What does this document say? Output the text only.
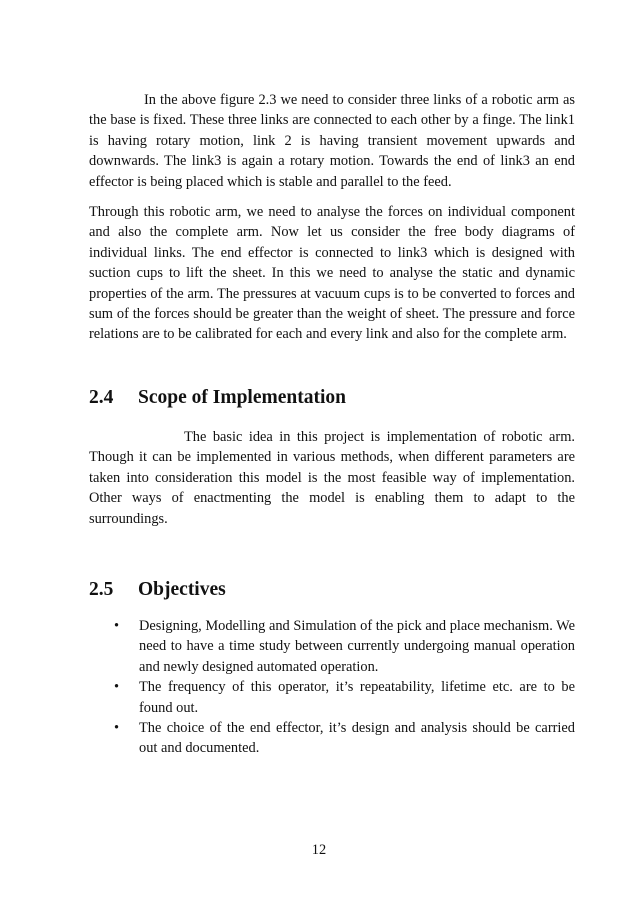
In the above figure 2.3 we need to consider three links of a robotic arm as the base is fixed. These three links are connected to each other by a finge. The link1 is having rotary motion, link 2 is having transient movement upwards and downwards. The link3 is again a rotary motion. Towards the end of link3 an end effector is being placed which is stable and parallel to the feed.

Through this robotic arm, we need to analyse the forces on individual component and also the complete arm. Now let us consider the free body diagrams of individual links. The end effector is connected to link3 which is designed with suction cups to lift the sheet. In this we need to analyse the static and dynamic properties of the arm. The pressures at vacuum cups is to be converted to forces and sum of the forces should be greater than the weight of sheet. The pressure and force relations are to be calibrated for each and every link and also for the complete arm.

2.4	Scope of Implementation

The basic idea in this project is implementation of robotic arm. Though it can be implemented in various methods, when different parameters are taken into consideration this model is the most feasible way of implementation. Other ways of enactmenting the model is enabling them to adapt to the surroundings.

2.5	Objectives
• Designing, Modelling and Simulation of the pick and place mechanism. We need to have a time study between currently undergoing manual operation and newly designed automated operation.
• The frequency of this operator, it’s repeatability, lifetime etc. are to be found out.
• The choice of the end effector, it’s design and analysis should be carried out and documented.
12
